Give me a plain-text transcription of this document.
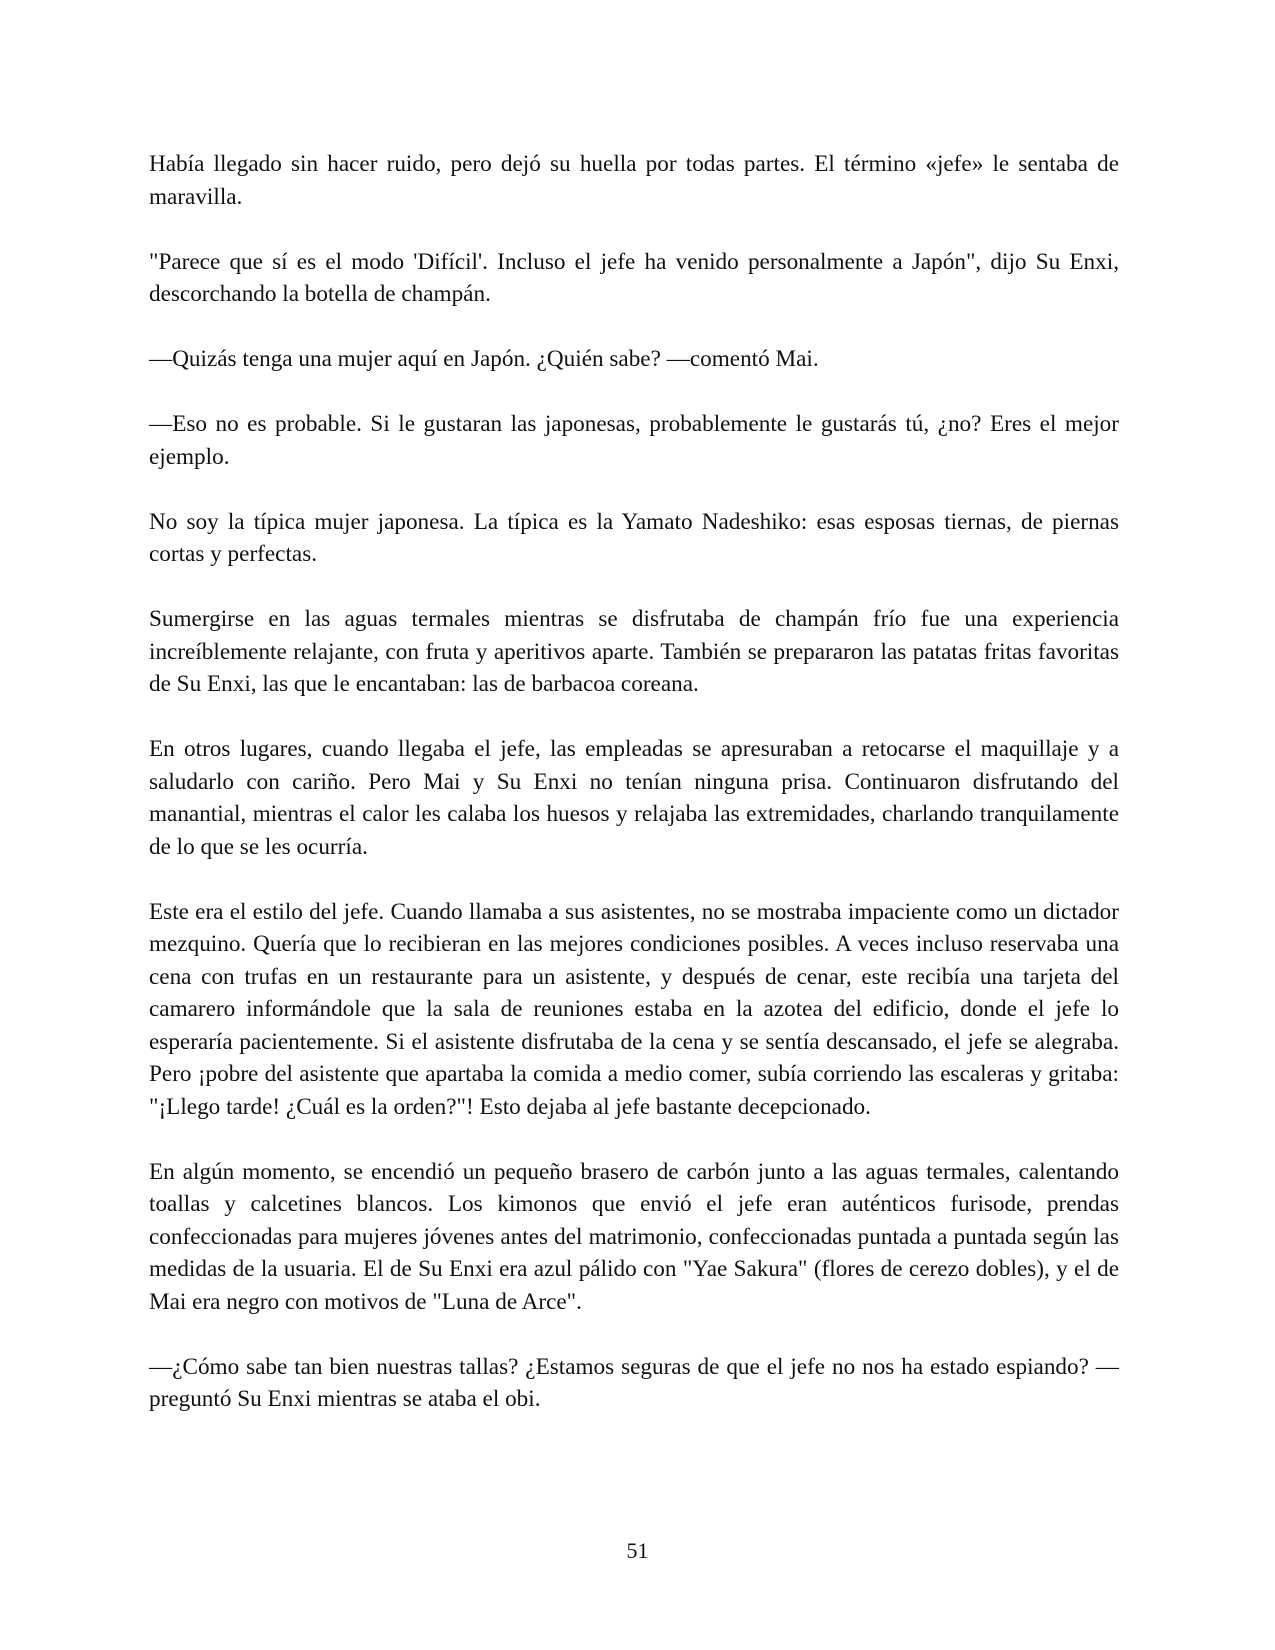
Había llegado sin hacer ruido, pero dejó su huella por todas partes. El término «jefe» le sentaba de maravilla.

"Parece que sí es el modo 'Difícil'. Incluso el jefe ha venido personalmente a Japón", dijo Su Enxi, descorchando la botella de champán.

—Quizás tenga una mujer aquí en Japón. ¿Quién sabe? —comentó Mai.

—Eso no es probable. Si le gustaran las japonesas, probablemente le gustarás tú, ¿no? Eres el mejor ejemplo.

No soy la típica mujer japonesa. La típica es la Yamato Nadeshiko: esas esposas tiernas, de piernas cortas y perfectas.

Sumergirse en las aguas termales mientras se disfrutaba de champán frío fue una experiencia increíblemente relajante, con fruta y aperitivos aparte. También se prepararon las patatas fritas favoritas de Su Enxi, las que le encantaban: las de barbacoa coreana.

En otros lugares, cuando llegaba el jefe, las empleadas se apresuraban a retocarse el maquillaje y a saludarlo con cariño. Pero Mai y Su Enxi no tenían ninguna prisa. Continuaron disfrutando del manantial, mientras el calor les calaba los huesos y relajaba las extremidades, charlando tranquilamente de lo que se les ocurría.

Este era el estilo del jefe. Cuando llamaba a sus asistentes, no se mostraba impaciente como un dictador mezquino. Quería que lo recibieran en las mejores condiciones posibles. A veces incluso reservaba una cena con trufas en un restaurante para un asistente, y después de cenar, este recibía una tarjeta del camarero informándole que la sala de reuniones estaba en la azotea del edificio, donde el jefe lo esperaría pacientemente. Si el asistente disfrutaba de la cena y se sentía descansado, el jefe se alegraba. Pero ¡pobre del asistente que apartaba la comida a medio comer, subía corriendo las escaleras y gritaba: "¡Llego tarde! ¿Cuál es la orden?"! Esto dejaba al jefe bastante decepcionado.

En algún momento, se encendió un pequeño brasero de carbón junto a las aguas termales, calentando toallas y calcetines blancos. Los kimonos que envió el jefe eran auténticos furisode, prendas confeccionadas para mujeres jóvenes antes del matrimonio, confeccionadas puntada a puntada según las medidas de la usuaria. El de Su Enxi era azul pálido con "Yae Sakura" (flores de cerezo dobles), y el de Mai era negro con motivos de "Luna de Arce".

—¿Cómo sabe tan bien nuestras tallas? ¿Estamos seguras de que el jefe no nos ha estado espiando? —preguntó Su Enxi mientras se ataba el obi.

51
